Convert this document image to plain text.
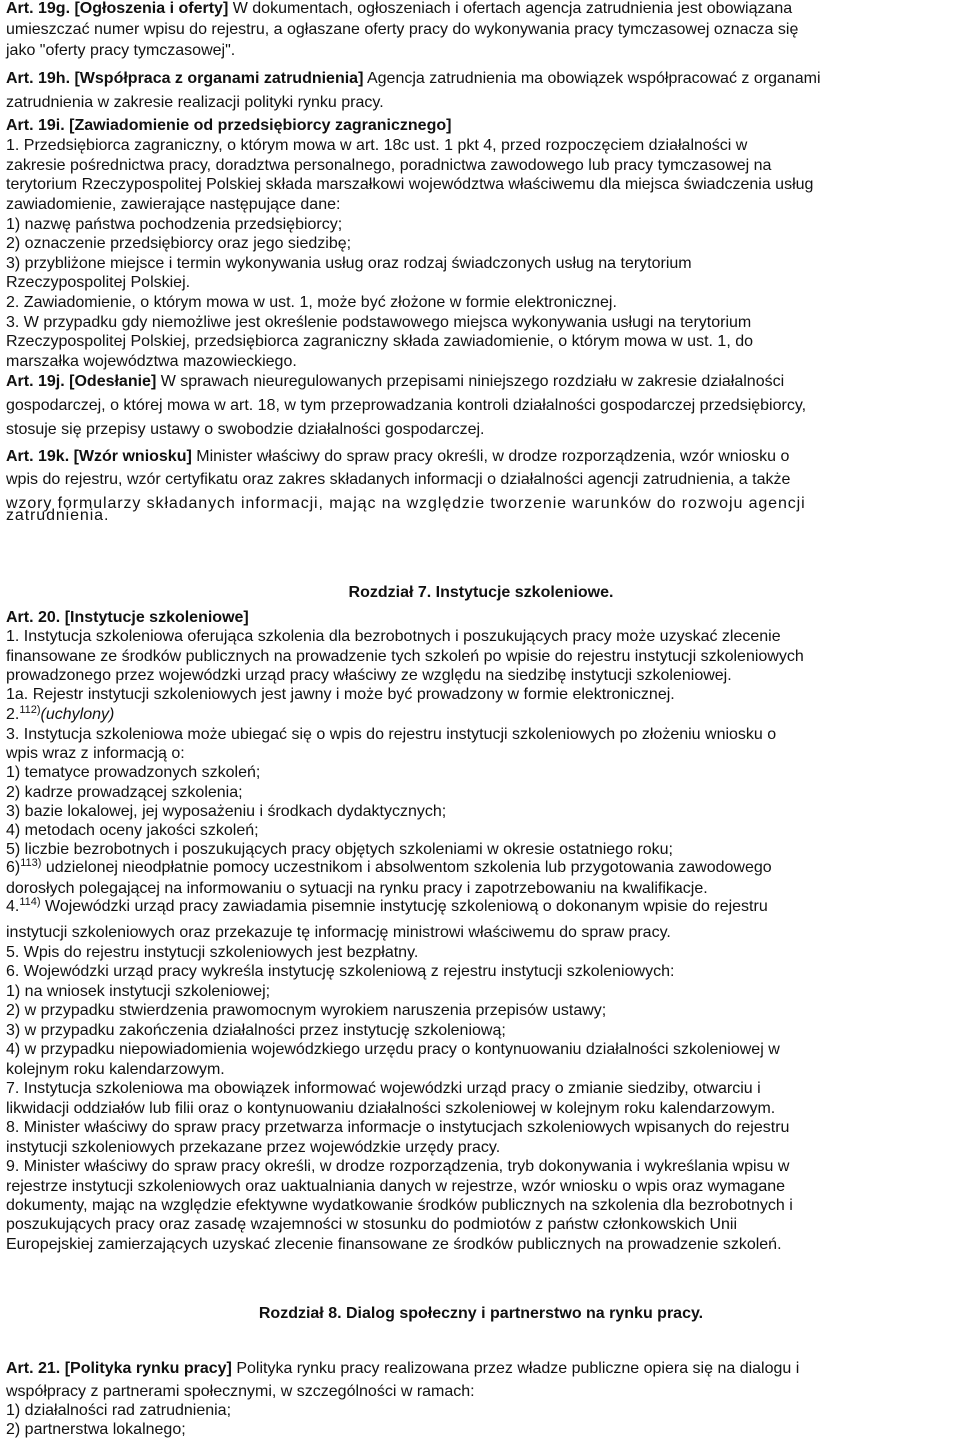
Art. 19g. [Ogłoszenia i oferty] W dokumentach, ogłoszeniach i ofertach agencja zatrudnienia jest obowiązana
umieszczać numer wpisu do rejestru, a ogłaszane oferty pracy do wykonywania pracy tymczasowej oznacza się
jako "oferty pracy tymczasowej".
Art. 19h. [Współpraca z organami zatrudnienia] Agencja zatrudnienia ma obowiązek współpracować z organami
zatrudnienia w zakresie realizacji polityki rynku pracy.
Art. 19i. [Zawiadomienie od przedsiębiorcy zagranicznego]
1. Przedsiębiorca zagraniczny, o którym mowa w art. 18c ust. 1 pkt 4, przed rozpoczęciem działalności w
zakresie pośrednictwa pracy, doradztwa personalnego, poradnictwa zawodowego lub pracy tymczasowej na
terytorium Rzeczypospolitej Polskiej składa marszałkowi województwa właściwemu dla miejsca świadczenia usług
zawiadomienie, zawierające następujące dane:
1) nazwę państwa pochodzenia przedsiębiorcy;
2) oznaczenie przedsiębiorcy oraz jego siedzibę;
3) przybliżone miejsce i termin wykonywania usług oraz rodzaj świadczonych usług na terytorium
Rzeczypospolitej Polskiej.
2. Zawiadomienie, o którym mowa w ust. 1, może być złożone w formie elektronicznej.
3. W przypadku gdy niemożliwe jest określenie podstawowego miejsca wykonywania usługi na terytorium
Rzeczypospolitej Polskiej, przedsiębiorca zagraniczny składa zawiadomienie, o którym mowa w ust. 1, do
marszałka województwa mazowieckiego.
Art. 19j. [Odesłanie] W sprawach nieuregulowanych przepisami niniejszego rozdziału w zakresie działalności
gospodarczej, o której mowa w art. 18, w tym przeprowadzania kontroli działalności gospodarczej przedsiębiorcy,
stosuje się przepisy ustawy o swobodzie działalności gospodarczej.
Art. 19k. [Wzór wniosku] Minister właściwy do spraw pracy określi, w drodze rozporządzenia, wzór wniosku o
wpis do rejestru, wzór certyfikatu oraz zakres składanych informacji o działalności agencji zatrudnienia, a także
wzory formularzy składanych informacji, mając na względzie tworzenie warunków do rozwoju agencji
zatrudnienia.
Rozdział 7. Instytucje szkoleniowe.
Art. 20. [Instytucje szkoleniowe]
1. Instytucja szkoleniowa oferująca szkolenia dla bezrobotnych i poszukujących pracy może uzyskać zlecenie
finansowane ze środków publicznych na prowadzenie tych szkoleń po wpisie do rejestru instytucji szkoleniowych
prowadzonego przez wojewódzki urząd pracy właściwy ze względu na siedzibę instytucji szkoleniowej.
1a. Rejestr instytucji szkoleniowych jest jawny i może być prowadzony w formie elektronicznej.
2.$^{112)}$(uchylony)
3. Instytucja szkoleniowa może ubiegać się o wpis do rejestru instytucji szkoleniowych po złożeniu wniosku o
wpis wraz z informacją o:
1) tematyce prowadzonych szkoleń;
2) kadrze prowadzącej szkolenia;
3) bazie lokalowej, jej wyposażeniu i środkach dydaktycznych;
4) metodach oceny jakości szkoleń;
5) liczbie bezrobotnych i poszukujących pracy objętych szkoleniami w okresie ostatniego roku;
6)$^{113)}$ udzielonej nieodpłatnie pomocy uczestnikom i absolwentom szkolenia lub przygotowania zawodowego
dorosłych polegającej na informowaniu o sytuacji na rynku pracy i zapotrzebowaniu na kwalifikacje.
4.$^{114)}$ Wojewódzki urząd pracy zawiadamia pisemnie instytucję szkoleniową o dokonanym wpisie do rejestru
instytucji szkoleniowych oraz przekazuje tę informację ministrowi właściwemu do spraw pracy.
5. Wpis do rejestru instytucji szkoleniowych jest bezpłatny.
6. Wojewódzki urząd pracy wykreśla instytucję szkoleniową z rejestru instytucji szkoleniowych:
1) na wniosek instytucji szkoleniowej;
2) w przypadku stwierdzenia prawomocnym wyrokiem naruszenia przepisów ustawy;
3) w przypadku zakończenia działalności przez instytucję szkoleniową;
4) w przypadku niepowiadomienia wojewódzkiego urzędu pracy o kontynuowaniu działalności szkoleniowej w
kolejnym roku kalendarzowym.
7. Instytucja szkoleniowa ma obowiązek informować wojewódzki urząd pracy o zmianie siedziby, otwarciu i
likwidacji oddziałów lub filii oraz o kontynuowaniu działalności szkoleniowej w kolejnym roku kalendarzowym.
8. Minister właściwy do spraw pracy przetwarza informacje o instytucjach szkoleniowych wpisanych do rejestru
instytucji szkoleniowych przekazane przez wojewódzkie urzędy pracy.
9. Minister właściwy do spraw pracy określi, w drodze rozporządzenia, tryb dokonywania i wykreślania wpisu w
rejestrze instytucji szkoleniowych oraz uaktualniania danych w rejestrze, wzór wniosku o wpis oraz wymagane
dokumenty, mając na względzie efektywne wydatkowanie środków publicznych na szkolenia dla bezrobotnych i
poszukujących pracy oraz zasadę wzajemności w stosunku do podmiotów z państw członkowskich Unii
Europejskiej zamierzających uzyskać zlecenie finansowane ze środków publicznych na prowadzenie szkoleń.
Rozdział 8. Dialog społeczny i partnerstwo na rynku pracy.
Art. 21. [Polityka rynku pracy] Polityka rynku pracy realizowana przez władze publiczne opiera się na dialogu i
współpracy z partnerami społecznymi, w szczególności w ramach:
1) działalności rad zatrudnienia;
2) partnerstwa lokalnego;
